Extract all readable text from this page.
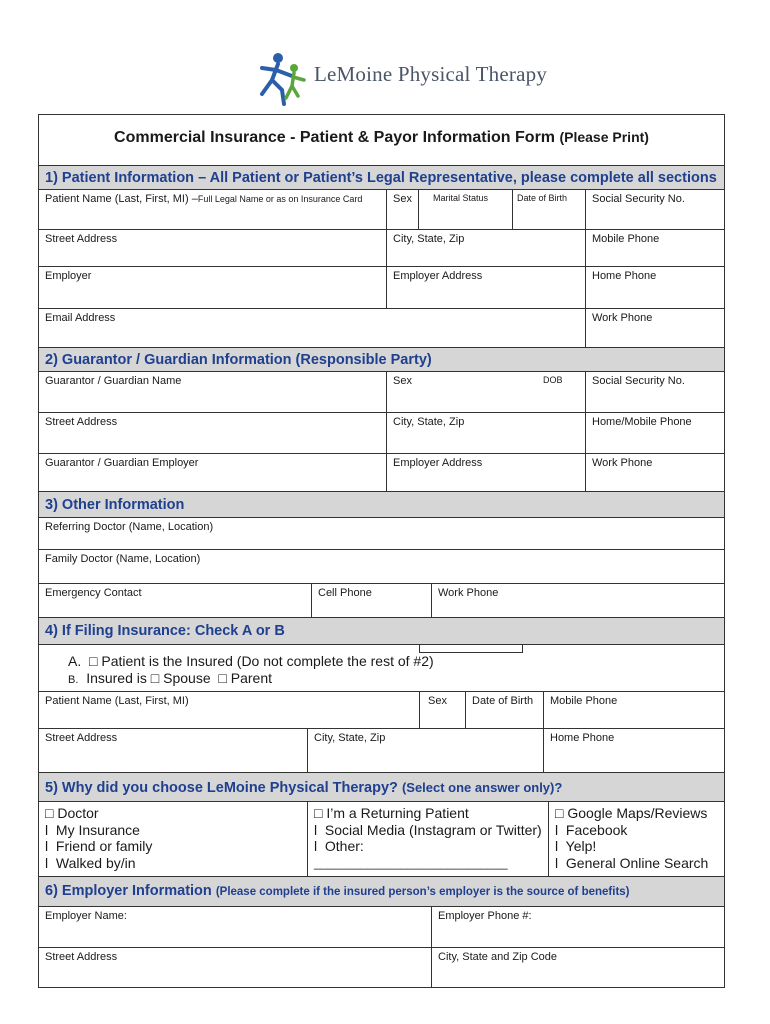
LeMoine Physical Therapy
Commercial Insurance - Patient & Payor Information Form (Please Print)
1) Patient Information – All Patient or Patient’s Legal Representative, please complete all sections
Patient Name (Last, First, MI) –Full Legal Name or as on Insurance Card	Sex	Marital Status	Date of Birth	Social Security No.
Street Address	City, State, Zip	Mobile Phone
Employer	Employer Address	Home Phone
Email Address	Work Phone
2) Guarantor / Guardian Information (Responsible Party)
Guarantor / Guardian Name	Sex	DOB	Social Security No.
Street Address	City, State, Zip	Home/Mobile Phone
Guarantor / Guardian Employer	Employer Address	Work Phone
3) Other Information
Referring Doctor (Name, Location)
Family Doctor (Name, Location)
Emergency Contact	Cell Phone	Work Phone
4) If Filing Insurance: Check A or B
A. □ Patient is the Insured (Do not complete the rest of #2)
B. Insured is □ Spouse □ Parent
Patient Name (Last, First, MI)	Sex	Date of Birth	Mobile Phone
Street Address	City, State, Zip	Home Phone
5) Why did you choose LeMoine Physical Therapy? (Select one answer only)?
□ Doctor
l My Insurance
l Friend or family
l Walked by/in
□ I’m a Returning Patient
l Social Media (Instagram or Twitter)
l Other:
_____________________________
□ Google Maps/Reviews
l Facebook
l Yelp!
l General Online Search
6) Employer Information (Please complete if the insured person’s employer is the source of benefits)
Employer Name:	Employer Phone #:
Street Address	City, State and Zip Code
